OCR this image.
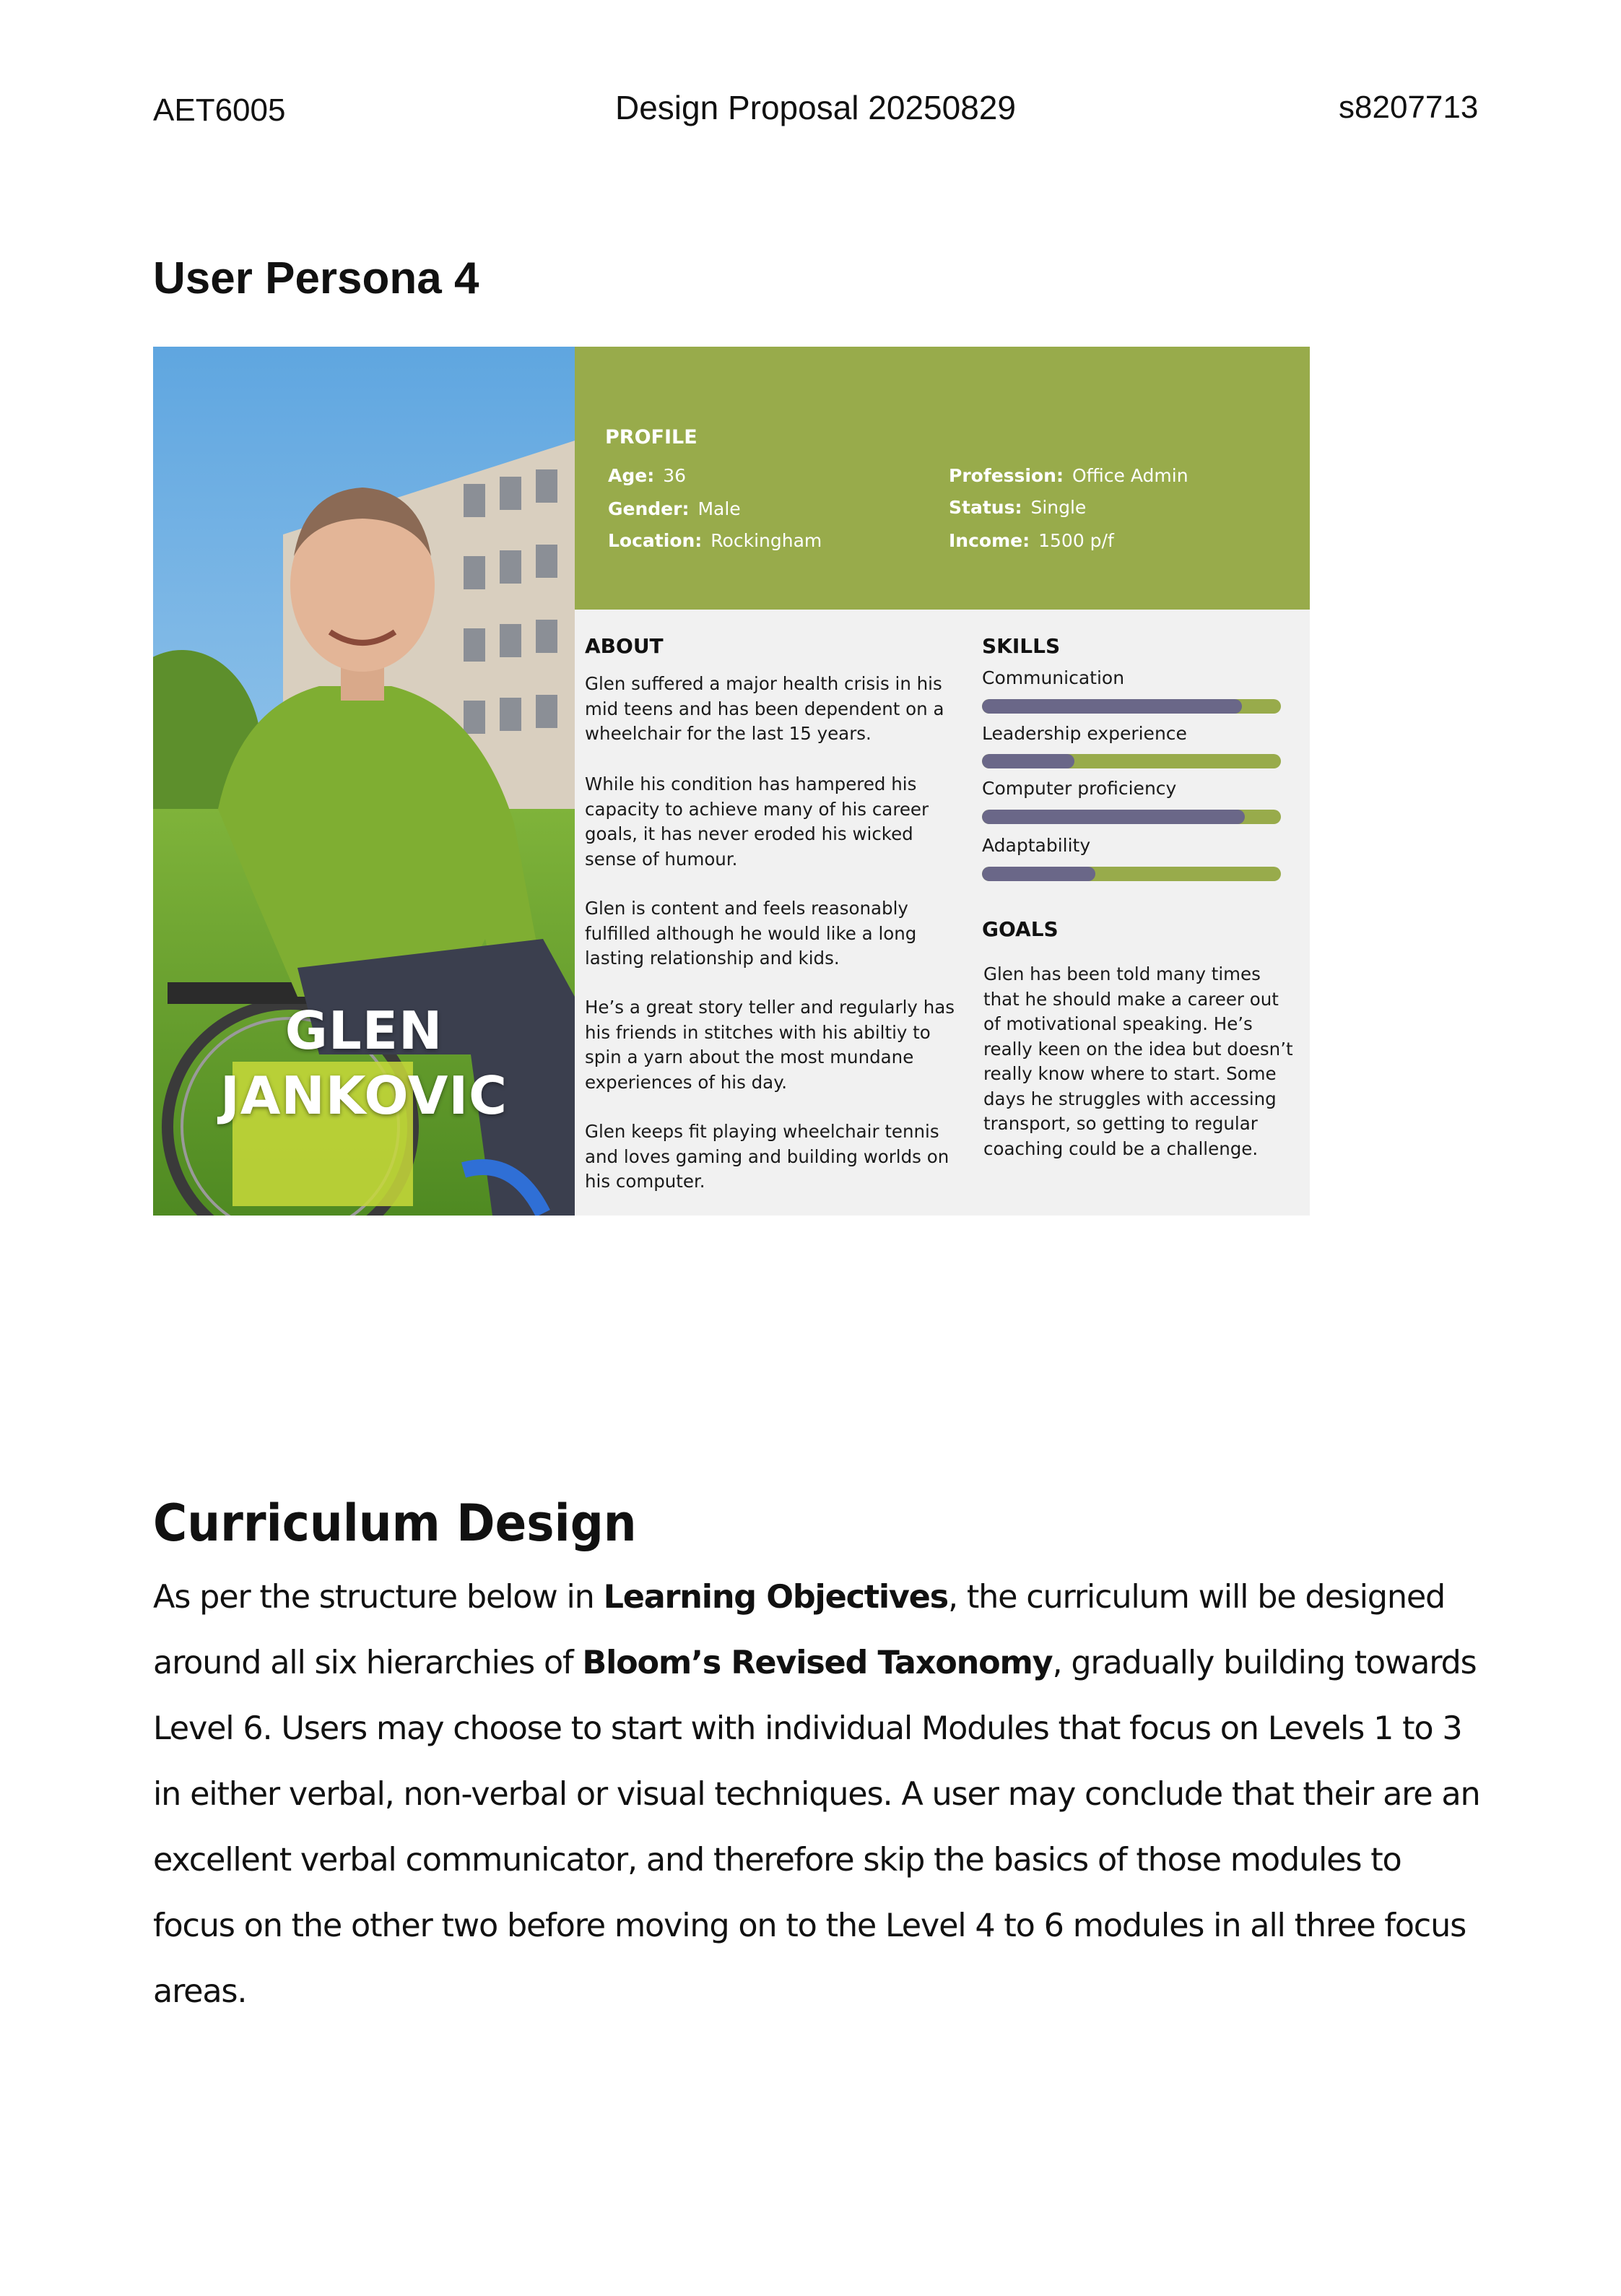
AET6005	Design Proposal 20250829	s8207713
User Persona 4
GLEN
JANKOVIC
PROFILE
Age: 36
Gender: Male
Location: Rockingham
Profession: Office Admin
Status: Single
Income: 1500 p/f
ABOUT

Glen suffered a major health crisis in his mid teens and has been dependent on a wheelchair for the last 15 years.

While his condition has hampered his capacity to achieve many of his career goals, it has never eroded his wicked sense of humour.

Glen is content and feels reasonably fulfilled although he would like a long lasting relationship and kids.

He’s a great story teller and regularly has his friends in stitches with his abiltiy to spin a yarn about the most mundane experiences of his day.

Glen keeps fit playing wheelchair tennis and loves gaming and building worlds on his computer.

SKILLS
Communication
Leadership experience
Computer proficiency
Adaptability
GOALS

Glen has been told many times that he should make a career out of motivational speaking. He’s really keen on the idea but doesn’t really know where to start. Some days he struggles with accessing transport, so getting to regular coaching could be a challenge.

Curriculum Design

As per the structure below in Learning Objectives, the curriculum will be designed around all six hierarchies of Bloom’s Revised Taxonomy, gradually building towards Level 6. Users may choose to start with individual Modules that focus on Levels 1 to 3 in either verbal, non-verbal or visual techniques. A user may conclude that their are an excellent verbal communicator, and therefore skip the basics of those modules to focus on the other two before moving on to the Level 4 to 6 modules in all three focus areas.
